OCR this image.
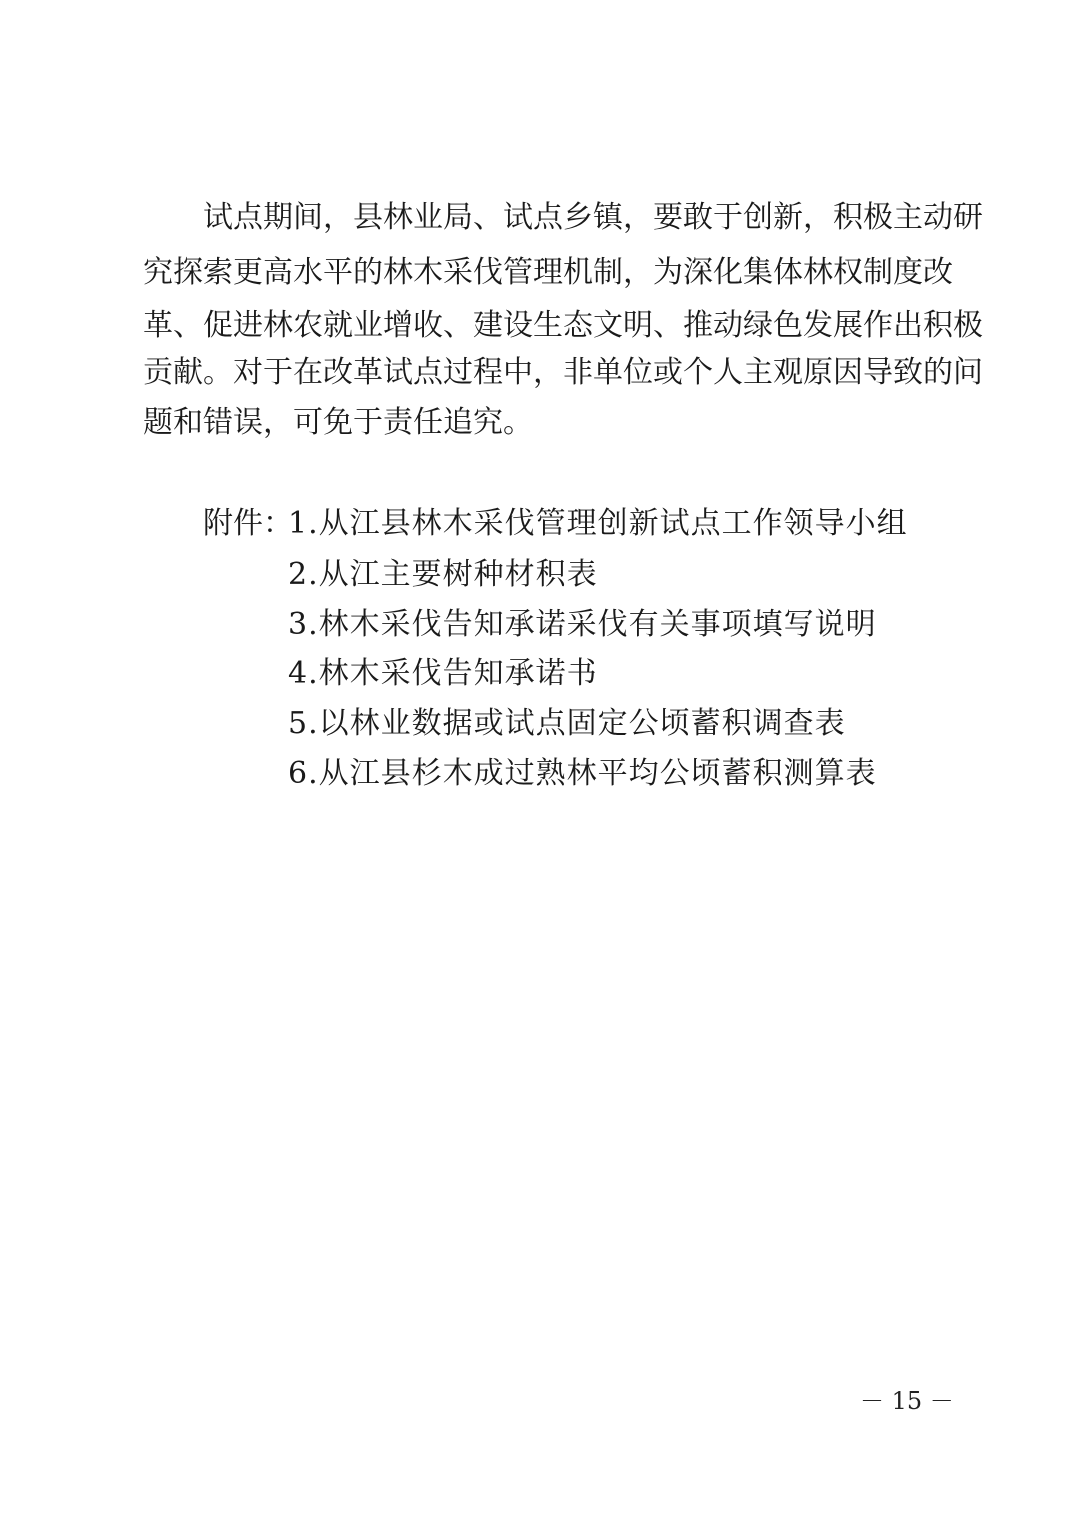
　　试点期间，县林业局、试点乡镇，要敢于创新，积极主动研
究探索更高水平的林木采伐管理机制，为深化集体林权制度改
革、促进林农就业增收、建设生态文明、推动绿色发展作出积极
贡献。对于在改革试点过程中，非单位或个人主观原因导致的问
题和错误，可免于责任追究。
附件：
1.从江县林木采伐管理创新试点工作领导小组
2.从江主要树种材积表
3.林木采伐告知承诺采伐有关事项填写说明
4.林木采伐告知承诺书
5.以林业数据或试点固定公顷蓄积调查表
6.从江县杉木成过熟林平均公顷蓄积测算表
－ 15 －
